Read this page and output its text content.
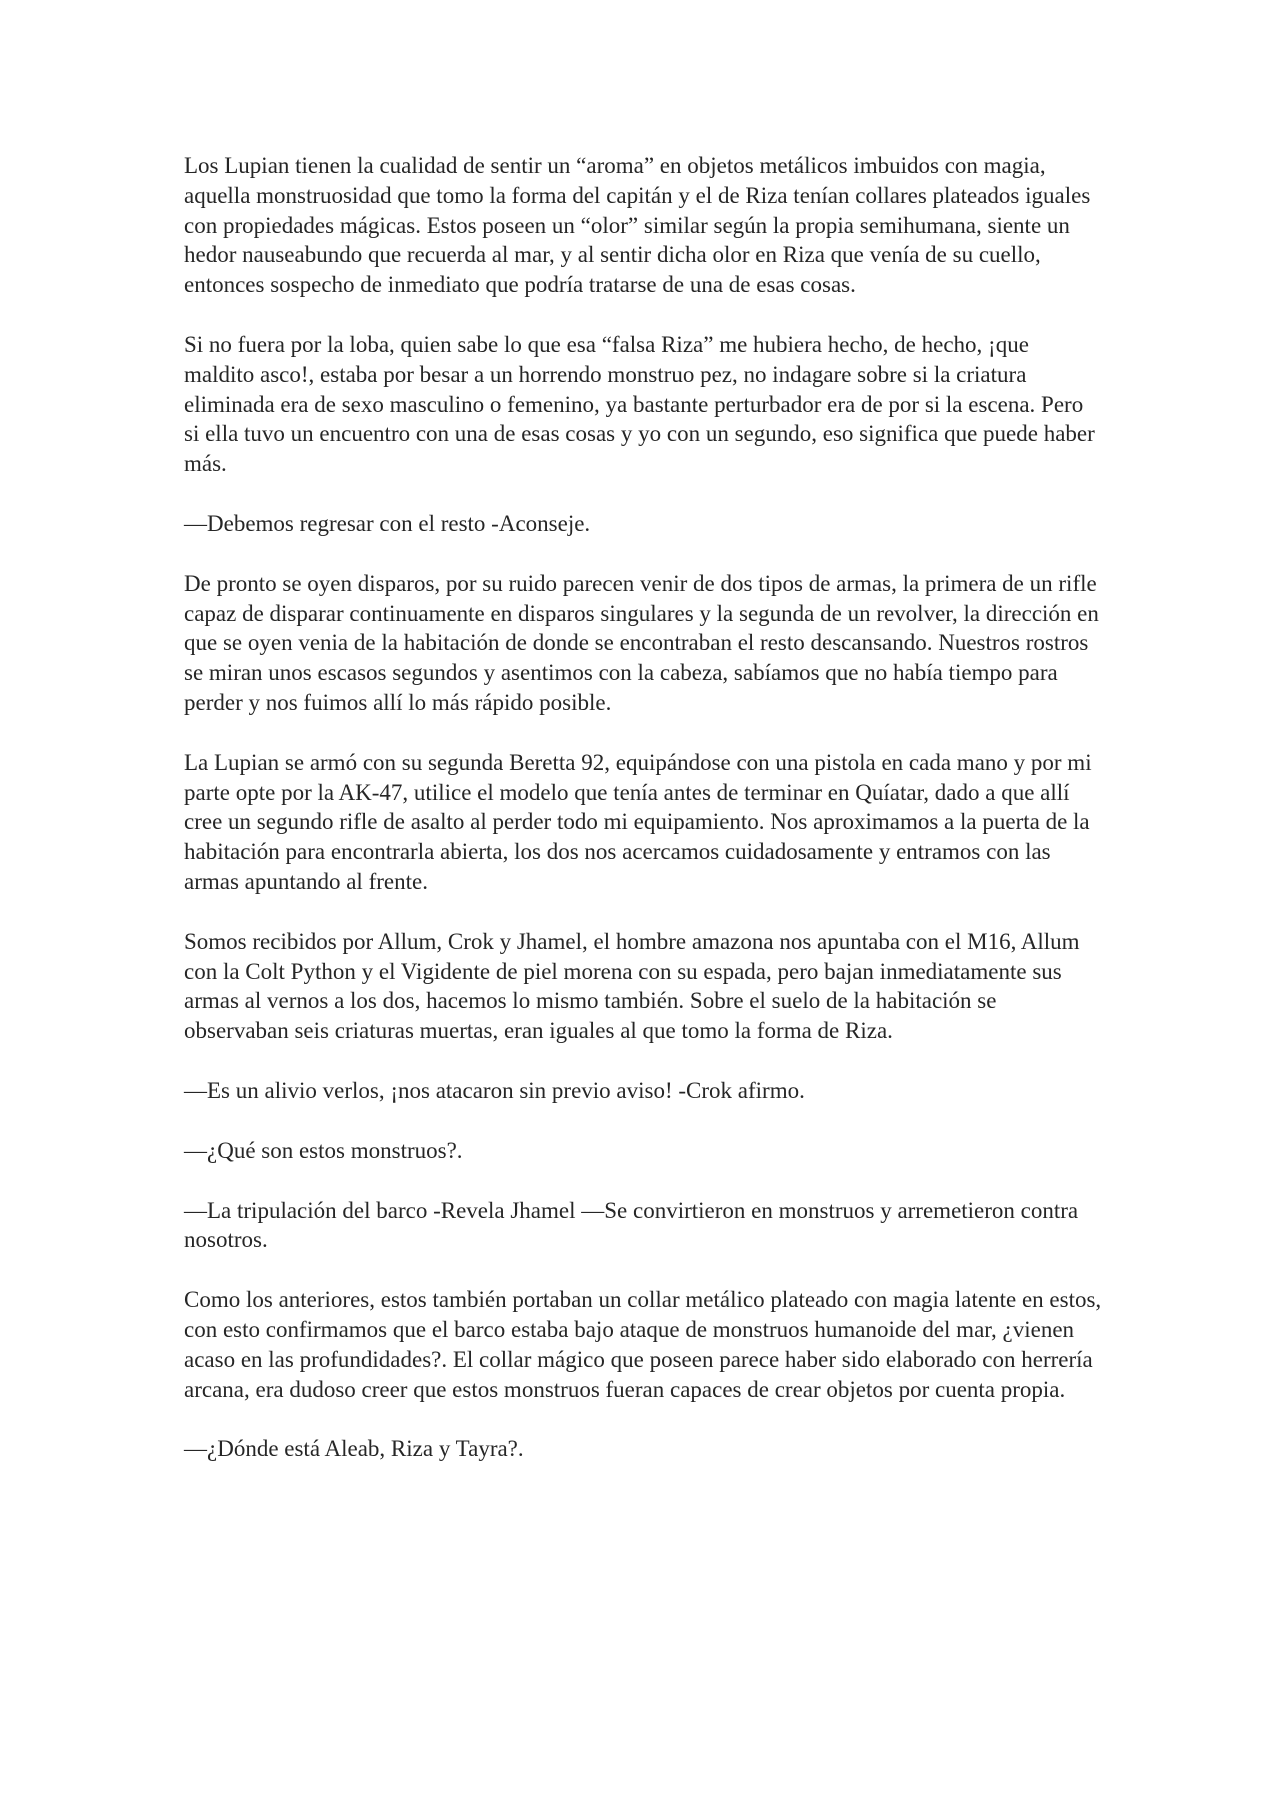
Los Lupian tienen la cualidad de sentir un “aroma” en objetos metálicos imbuidos con magia, aquella monstruosidad que tomo la forma del capitán y el de Riza tenían collares plateados iguales con propiedades mágicas. Estos poseen un “olor” similar según la propia semihumana, siente un hedor nauseabundo que recuerda al mar, y al sentir dicha olor en Riza que venía de su cuello, entonces sospecho de inmediato que podría tratarse de una de esas cosas.

Si no fuera por la loba, quien sabe lo que esa “falsa Riza” me hubiera hecho, de hecho, ¡que maldito asco!, estaba por besar a un horrendo monstruo pez, no indagare sobre si la criatura eliminada era de sexo masculino o femenino, ya bastante perturbador era de por si la escena. Pero si ella tuvo un encuentro con una de esas cosas y yo con un segundo, eso significa que puede haber más.

—Debemos regresar con el resto -Aconseje.

De pronto se oyen disparos, por su ruido parecen venir de dos tipos de armas, la primera de un rifle capaz de disparar continuamente en disparos singulares y la segunda de un revolver, la dirección en que se oyen venia de la habitación de donde se encontraban el resto descansando. Nuestros rostros se miran unos escasos segundos y asentimos con la cabeza, sabíamos que no había tiempo para perder y nos fuimos allí lo más rápido posible.

La Lupian se armó con su segunda Beretta 92, equipándose con una pistola en cada mano y por mi parte opte por la AK-47, utilice el modelo que tenía antes de terminar en Quíatar, dado a que allí cree un segundo rifle de asalto al perder todo mi equipamiento. Nos aproximamos a la puerta de la habitación para encontrarla abierta, los dos nos acercamos cuidadosamente y entramos con las armas apuntando al frente.

Somos recibidos por Allum, Crok y Jhamel, el hombre amazona nos apuntaba con el M16, Allum con la Colt Python y el Vigidente de piel morena con su espada, pero bajan inmediatamente sus armas al vernos a los dos, hacemos lo mismo también. Sobre el suelo de la habitación se observaban seis criaturas muertas, eran iguales al que tomo la forma de Riza.

—Es un alivio verlos, ¡nos atacaron sin previo aviso! -Crok afirmo.

—¿Qué son estos monstruos?.

—La tripulación del barco -Revela Jhamel —Se convirtieron en monstruos y arremetieron contra nosotros.

Como los anteriores, estos también portaban un collar metálico plateado con magia latente en estos, con esto confirmamos que el barco estaba bajo ataque de monstruos humanoide del mar, ¿vienen acaso en las profundidades?. El collar mágico que poseen parece haber sido elaborado con herrería arcana, era dudoso creer que estos monstruos fueran capaces de crear objetos por cuenta propia.

—¿Dónde está Aleab, Riza y Tayra?.
